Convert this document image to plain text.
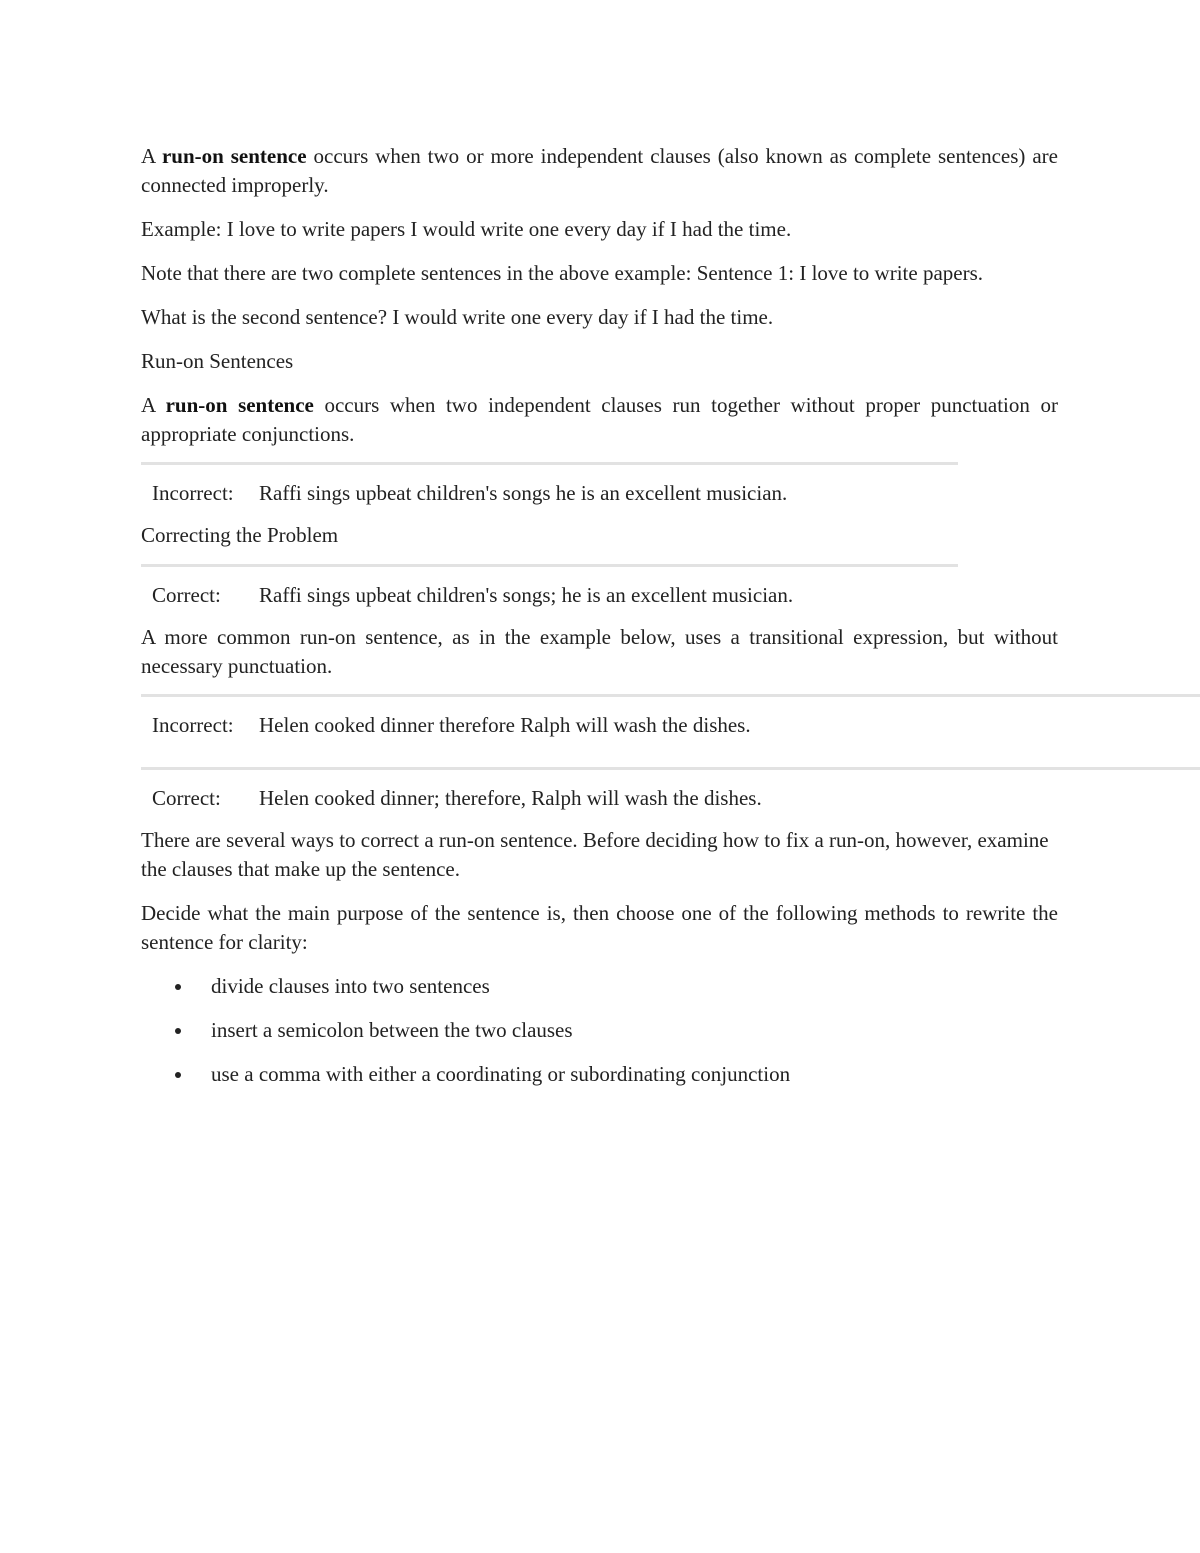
A run-on sentence occurs when two or more independent clauses (also known as complete sentences) are connected improperly.

Example: I love to write papers I would write one every day if I had the time.

Note that there are two complete sentences in the above example: Sentence 1: I love to write papers.

What is the second sentence? I would write one every day if I had the time.

Run-on Sentences

A run-on sentence occurs when two independent clauses run together without proper punctuation or appropriate conjunctions.

Incorrect:	Raffi sings upbeat children's songs he is an excellent musician.

Correcting the Problem

Correct:	Raffi sings upbeat children's songs; he is an excellent musician.

A more common run-on sentence, as in the example below, uses a transitional expression, but without necessary punctuation.

Incorrect:	Helen cooked dinner therefore Ralph will wash the dishes.
Correct:	Helen cooked dinner; therefore, Ralph will wash the dishes.

There are several ways to correct a run-on sentence. Before deciding how to fix a run-on, however, examine the clauses that make up the sentence.

Decide what the main purpose of the sentence is, then choose one of the following methods to rewrite the sentence for clarity:

divide clauses into two sentences
insert a semicolon between the two clauses
use a comma with either a coordinating or subordinating conjunction
